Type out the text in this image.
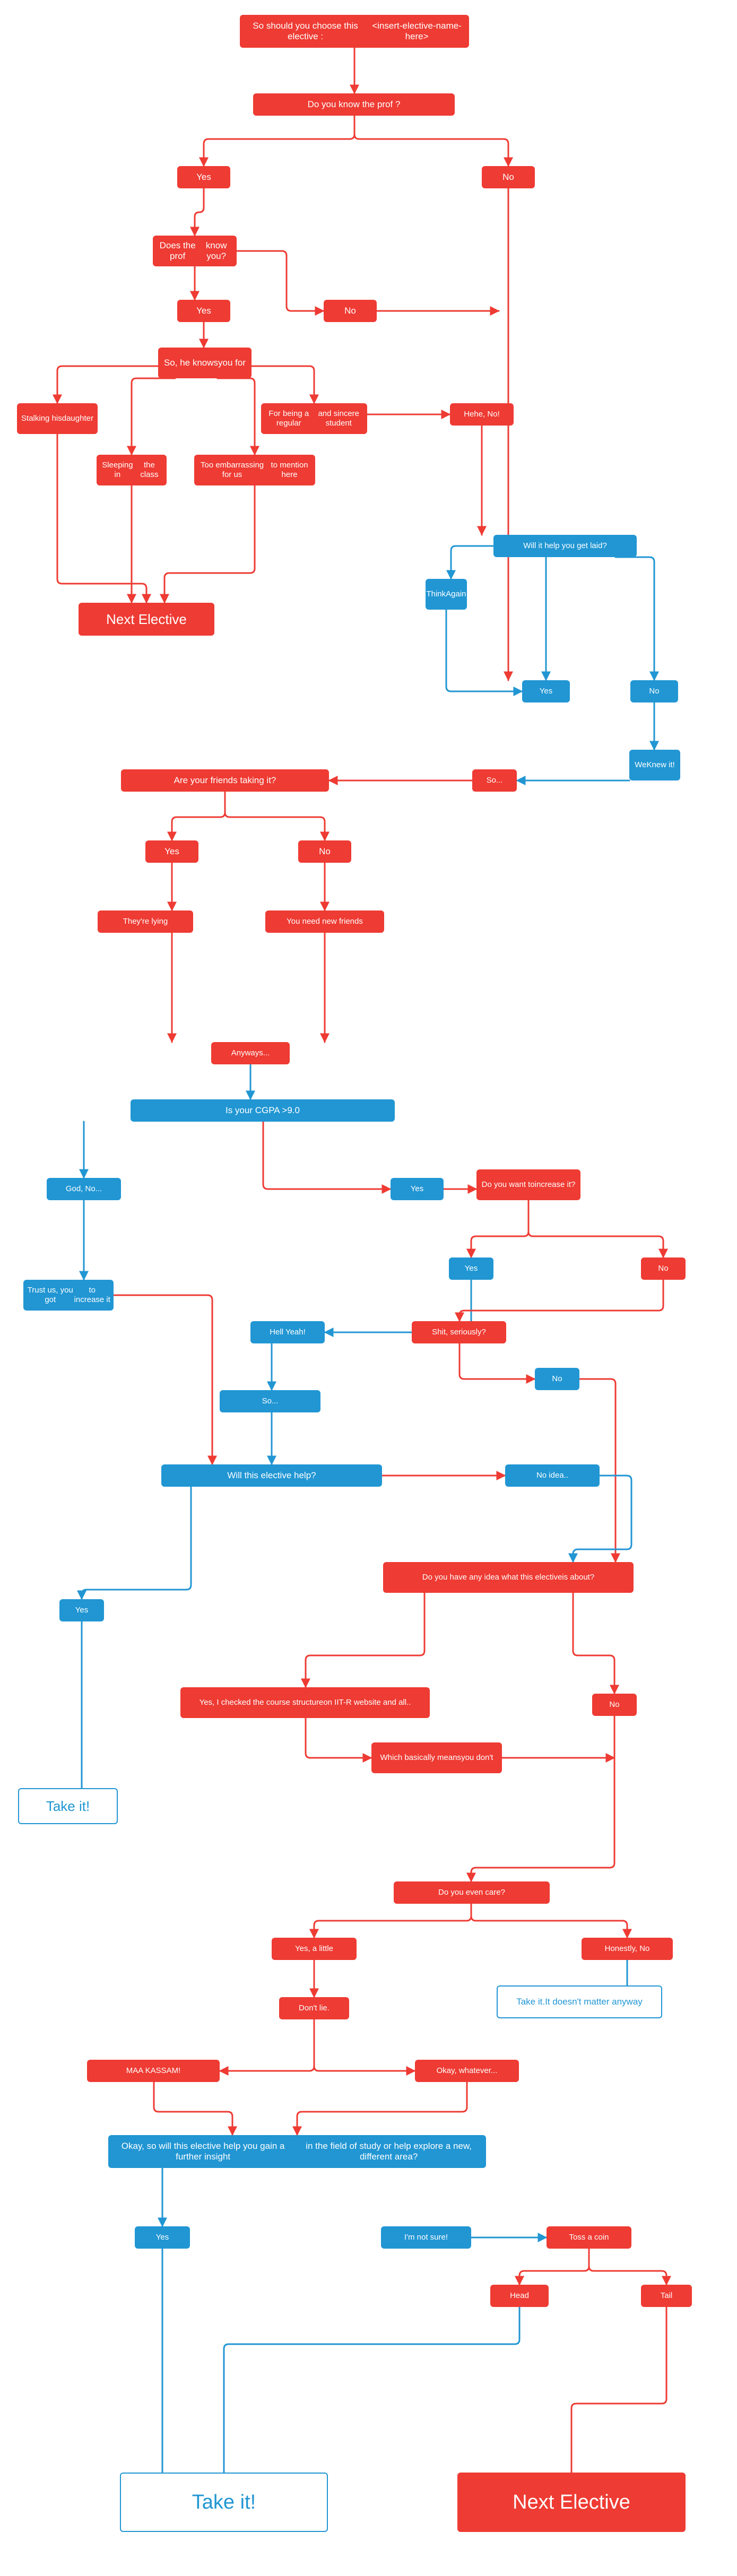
So should you choose this elective :
<insert-elective-name-here>
Do you know the prof ?
Yes	No
Does the prof
know you?
Yes	No
So, he knows you for
Stalking his daughter
For being a regular
and sincere student
Hehe, No!
Sleeping in
the class
Too embarrassing for us
to mention here
Will it help you get laid?
Think Again
Next Elective
Yes	No
We Knew it!
So...
Are your friends taking it?
Yes	No
They're lying	You need new friends
Anyways...
Is your CGPA >9.0
God, No...	Yes	Do you want to increase it?
Yes	No
Trust us, you got
to increase it
Hell Yeah!	Shit, seriously?
So...
No
Will this elective help?	No idea..
Do you have any idea what this elective is about?
Yes
Yes, I checked the course structure on IIT-R website and all..	No
Which basically means you don't
Take it!
Do you even care?
Yes, a little	Honestly, No
Don't lie.
Take it. It doesn't matter anyway
MAA KASSAM!	Okay, whatever...
Okay, so will this elective help you gain a further insight
in the field of study or help explore a new, different area?
Yes	I'm not sure!	Toss a coin
Head	Tail
Take it!	Next Elective
